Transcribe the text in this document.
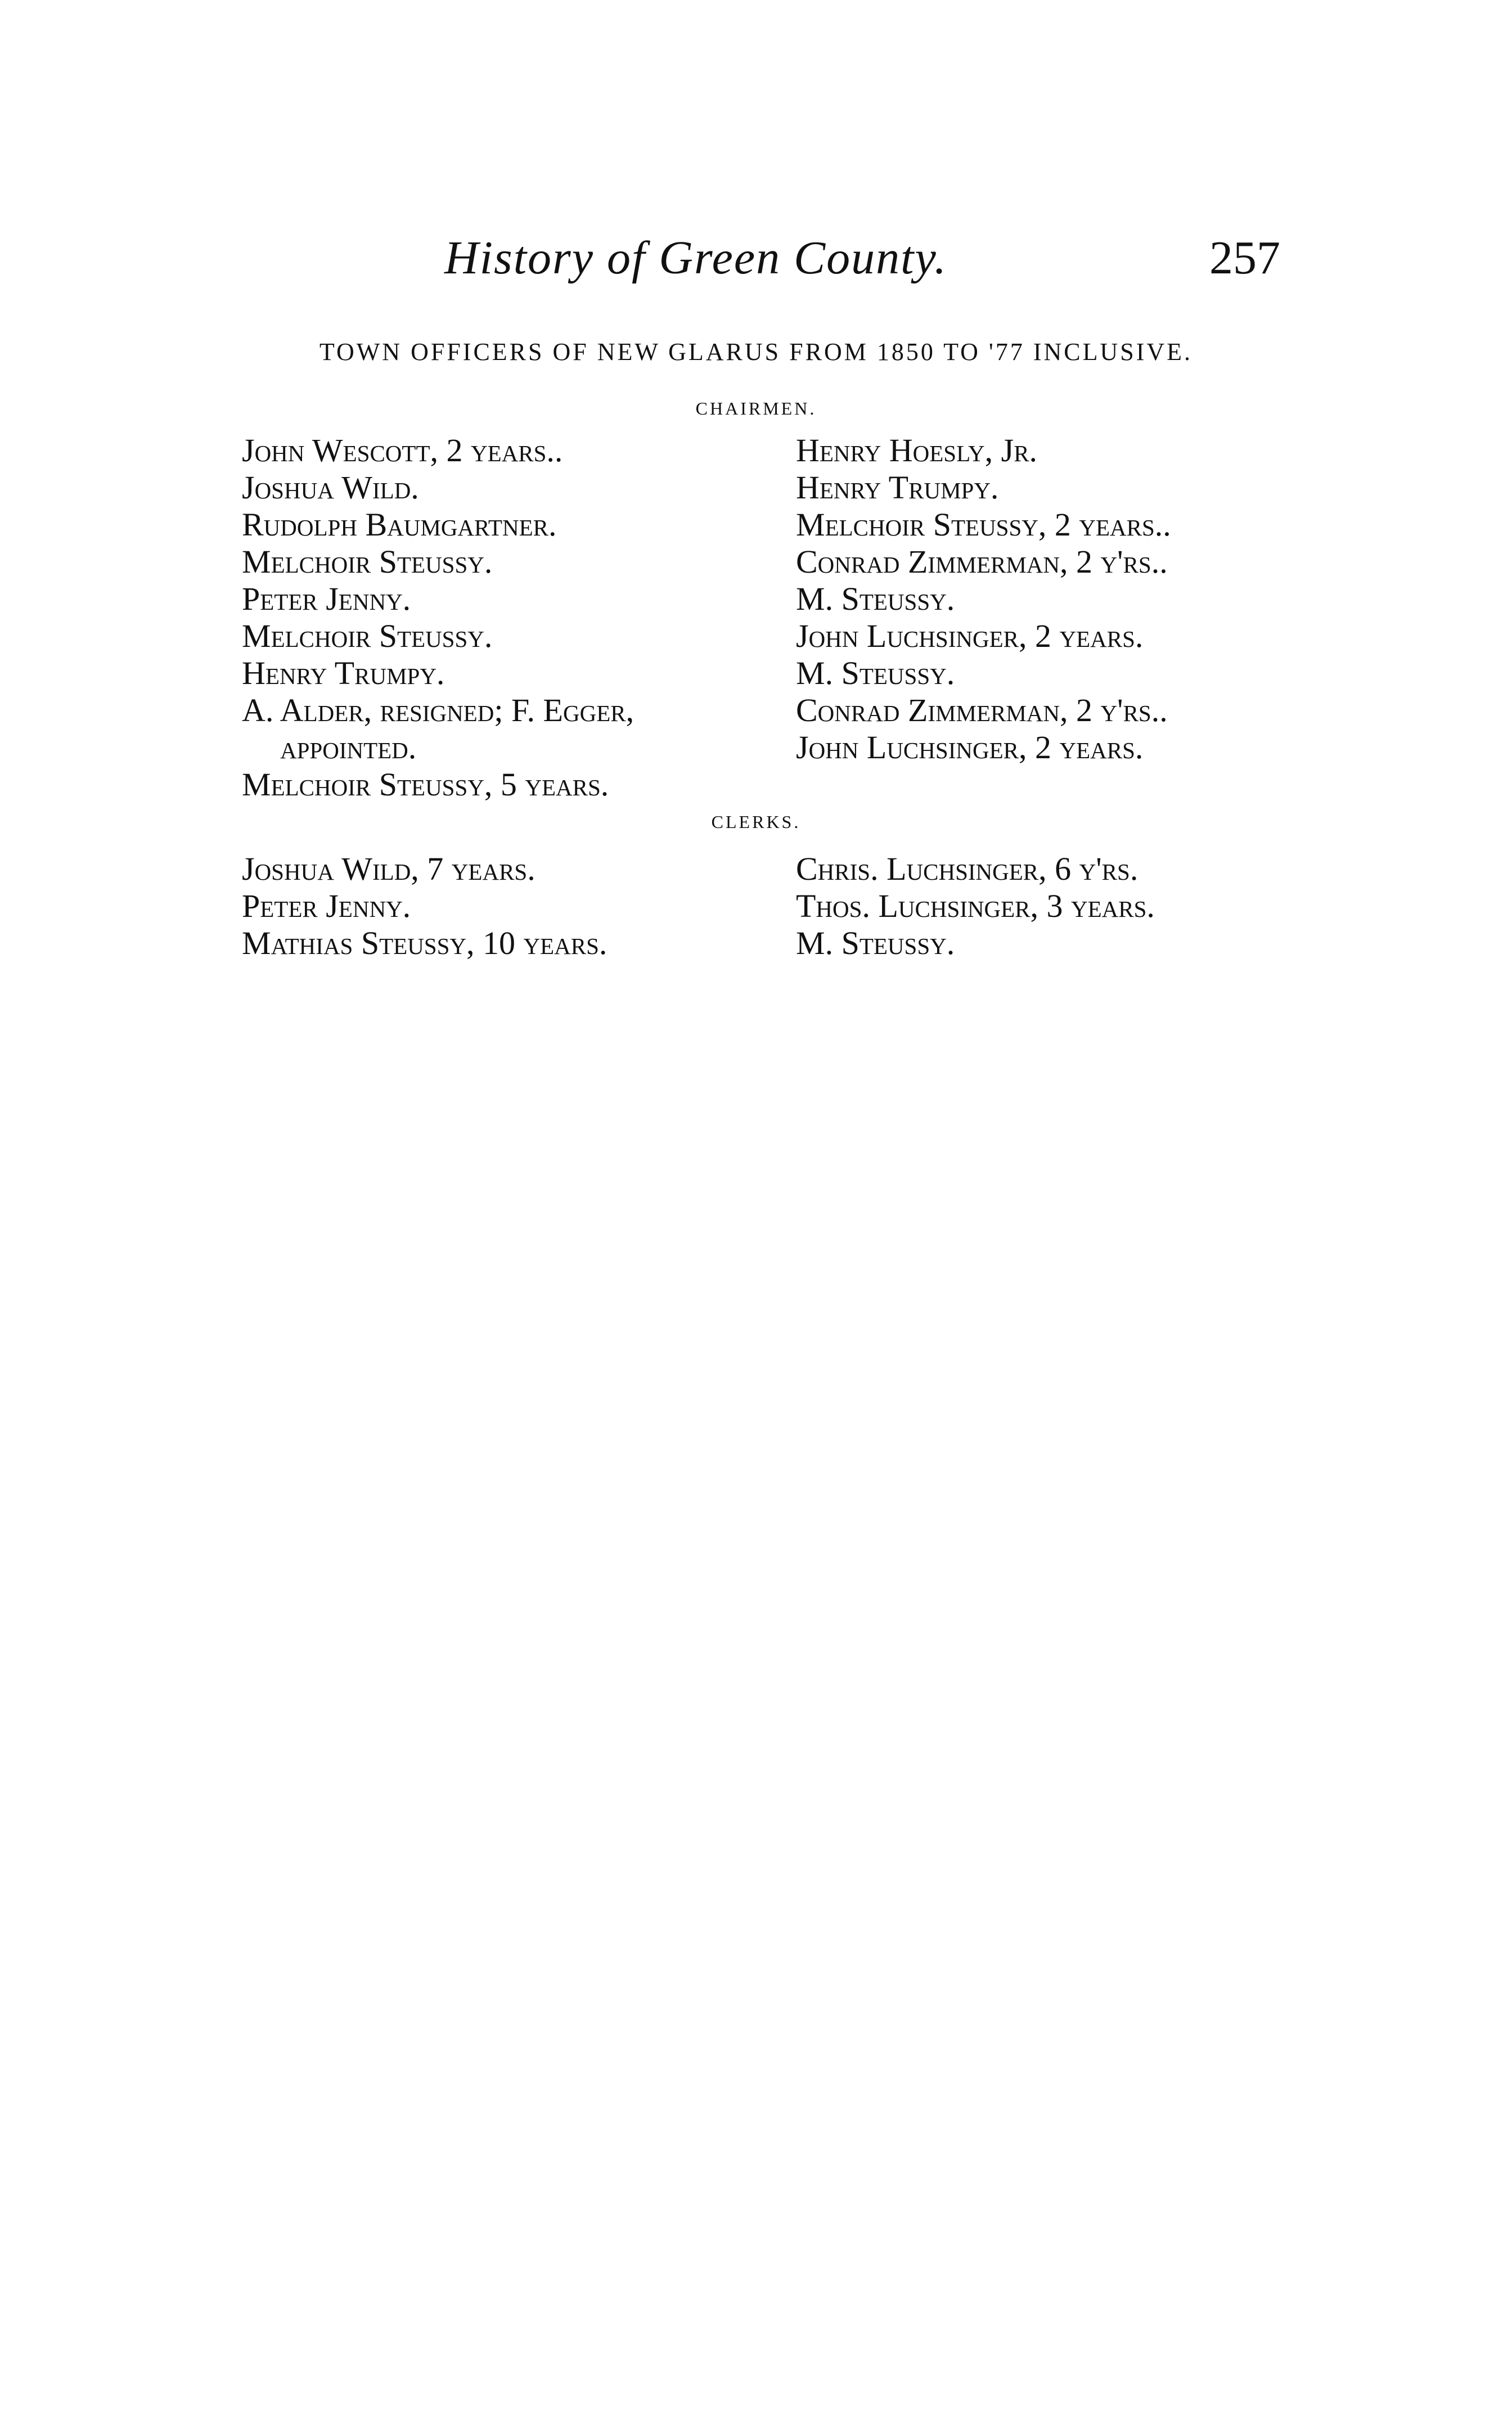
History of Green County.	257
TOWN OFFICERS OF NEW GLARUS FROM 1850 TO '77 INCLUSIVE.
CHAIRMEN.
John Wescott, 2 years..
Joshua Wild.
Rudolph Baumgartner.
Melchoir Steussy.
Peter Jenny.
Melchoir Steussy.
Henry Trumpy.
A. Alder, resigned; F. Egger, appointed.
Melchoir Steussy, 5 years.
Henry Hoesly, Jr.
Henry Trumpy.
Melchoir Steussy, 2 years..
Conrad Zimmerman, 2 y'rs..
M. Steussy.
John Luchsinger, 2 years.
M. Steussy.
Conrad Zimmerman, 2 y'rs..
John Luchsinger, 2 years.
CLERKS.
Joshua Wild, 7 years.
Peter Jenny.
Mathias Steussy, 10 years.
Chris. Luchsinger, 6 y'rs.
Thos. Luchsinger, 3 years.
M. Steussy.
